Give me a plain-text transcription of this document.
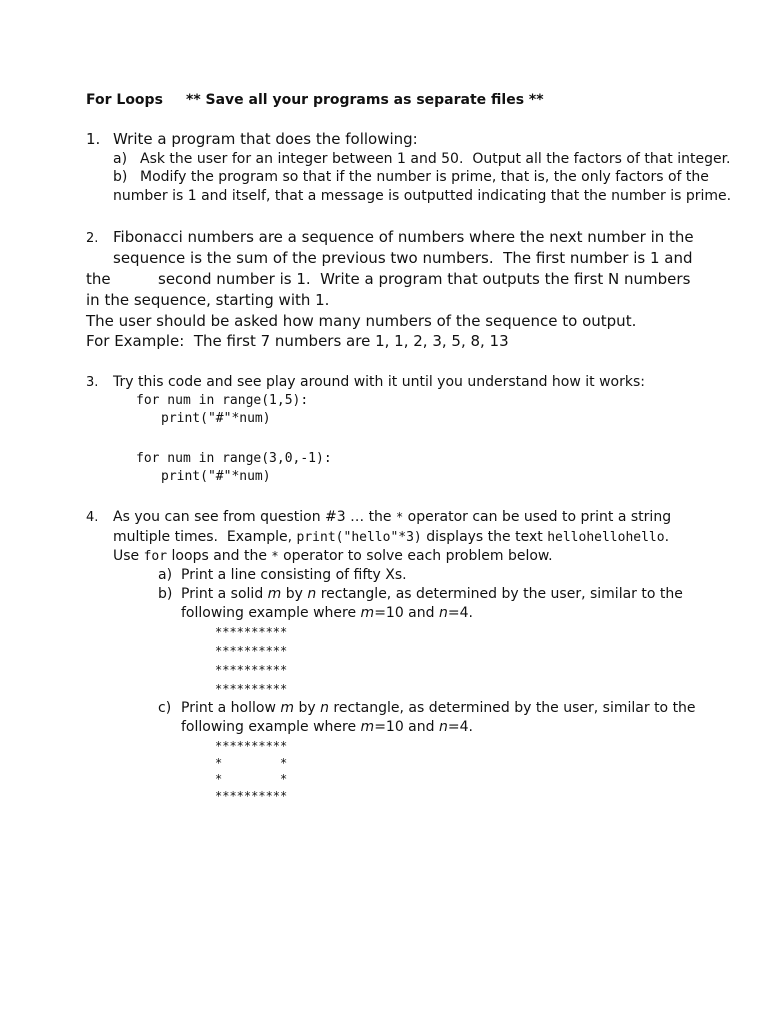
For Loops ** Save all your programs as separate files **
1. Write a program that does the following:
a) Ask the user for an integer between 1 and 50.  Output all the factors of that integer.
b) Modify the program so that if the number is prime, that is, the only factors of the
number is 1 and itself, that a message is outputted indicating that the number is prime.
2. Fibonacci numbers are a sequence of numbers where the next number in the
sequence is the sum of the previous two numbers.  The first number is 1 and
the	second number is 1.  Write a program that outputs the first N numbers
in the sequence, starting with 1.
The user should be asked how many numbers of the sequence to output.
For Example:  The first 7 numbers are 1, 1, 2, 3, 5, 8, 13
3. Try this code and see play around with it until you understand how it works:
for num in range(1,5):
print("#"*num)
for num in range(3,0,-1):
print("#"*num)
4. As you can see from question #3 … the * operator can be used to print a string
multiple times.  Example, print("hello"*3) displays the text hellohellohello.
Use for loops and the * operator to solve each problem below.
a) Print a line consisting of fifty Xs.
b) Print a solid m by n rectangle, as determined by the user, similar to the
following example where m=10 and n=4.
**********
**********
**********
**********
c) Print a hollow m by n rectangle, as determined by the user, similar to the
following example where m=10 and n=4.
**********
*        *
*        *
**********
